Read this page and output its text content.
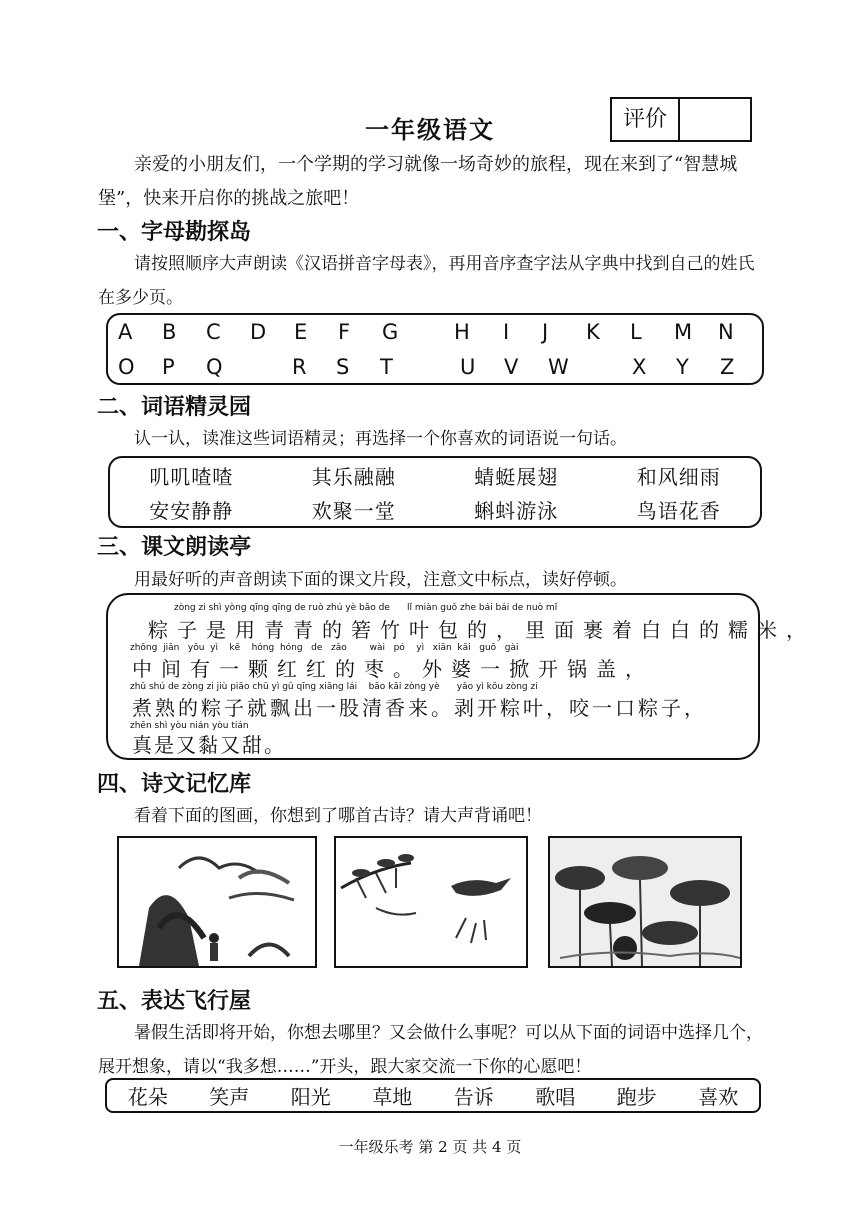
一年级语文	评价
亲爱的小朋友们，一个学期的学习就像一场奇妙的旅程，现在来到了“智慧城堡”，快来开启你的挑战之旅吧！
一、字母勘探岛
请按照顺序大声朗读《汉语拼音字母表》，再用音序查字法从字典中找到自己的姓氏在多少页。
A B C D E F G	H I J K L M N
O P Q	R S T	U V W	X Y Z
二、词语精灵园
认一认，读准这些词语精灵；再选择一个你喜欢的词语说一句话。
叽叽喳喳	其乐融融	蜻蜓展翅	和风细雨
安安静静	欢聚一堂	蝌蚪游泳	鸟语花香
三、课文朗读亭
用最好听的声音朗读下面的课文片段，注意文中标点，读好停顿。
zòng zi shì yòng qīng qīng de ruò zhú yè bāo de      lǐ miàn guǒ zhe bái bái de nuò mǐ
粽子是用青青的箬竹叶包的，里面裹着白白的糯米，
zhōng  jiān   yǒu  yì    kē    hóng  hóng   de   zǎo        wài   pó    yì   xiān  kāi   guō   gài
中间有一颗红红的枣。外婆一掀开锅盖，
zhǔ shú de zòng zi jiù piāo chū yì gǔ qīng xiāng lái    bāo kāi zòng yè      yǎo yì kǒu zòng zi
煮熟的粽子就飘出一股清香来。剥开粽叶，咬一口粽子，
zhēn shì yòu nián yòu tián
真是又黏又甜。
四、诗文记忆库
看着下面的图画，你想到了哪首古诗？请大声背诵吧！
五、表达飞行屋
暑假生活即将开始，你想去哪里？又会做什么事呢？可以从下面的词语中选择几个，展开想象，请以“我多想……”开头，跟大家交流一下你的心愿吧！
花朵 笑声 阳光 草地 告诉 歌唱 跑步 喜欢
一年级乐考 第 2 页 共 4 页
